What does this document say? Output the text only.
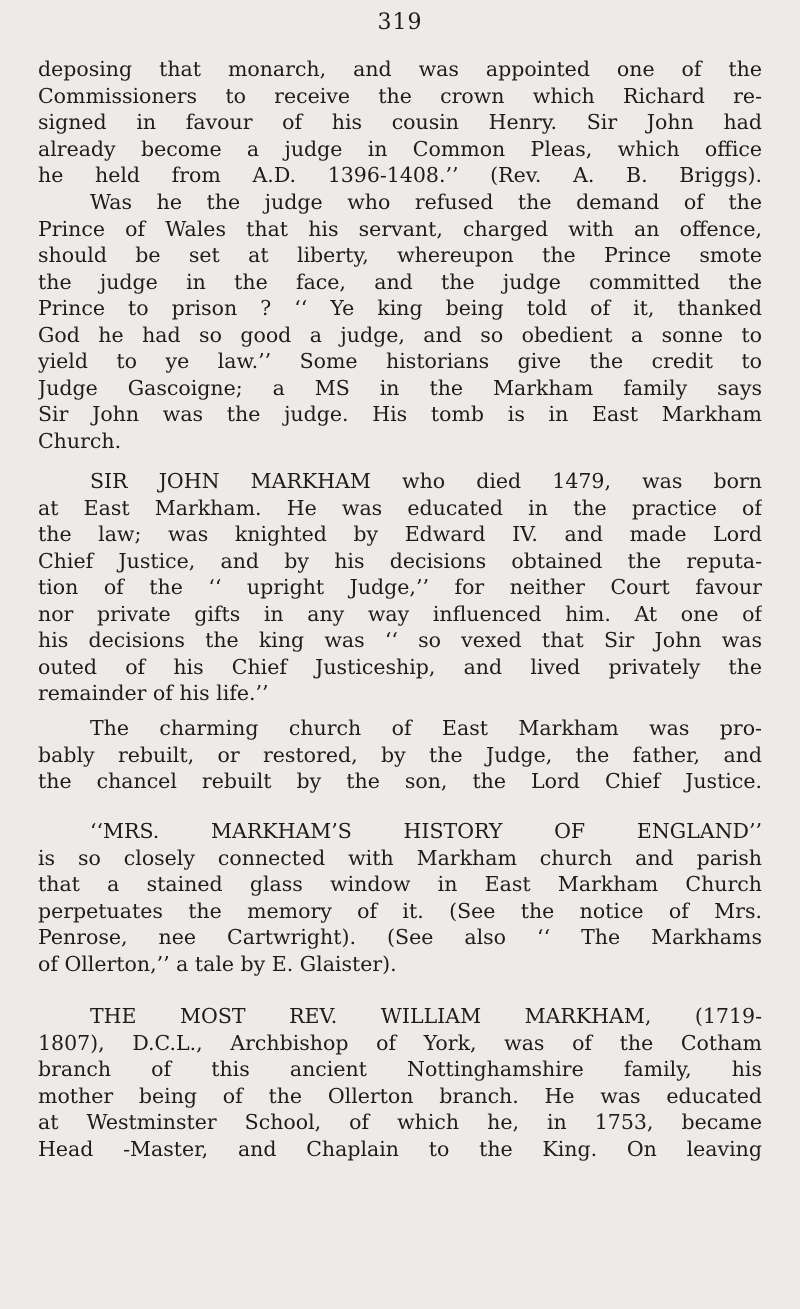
319
deposing that monarch, and was appointed one of the
Commissioners to receive the crown which Richard re-
signed in favour of his cousin Henry. Sir John had
already become a judge in Common Pleas, which office
he held from A.D. 1396-1408.’’ (Rev. A. B. Briggs).
Was he the judge who refused the demand of the
Prince of Wales that his servant, charged with an offence,
should be set at liberty, whereupon the Prince smote
the judge in the face, and the judge committed the
Prince to prison ? ‘‘ Ye king being told of it, thanked
God he had so good a judge, and so obedient a sonne to
yield to ye law.’’ Some historians give the credit to
Judge Gascoigne; a MS in the Markham family says
Sir John was the judge. His tomb is in East Markham
Church.
SIR JOHN MARKHAM who died 1479, was born
at East Markham. He was educated in the practice of
the law; was knighted by Edward IV. and made Lord
Chief Justice, and by his decisions obtained the reputa-
tion of the ‘‘ upright Judge,’’ for neither Court favour
nor private gifts in any way influenced him. At one of
his decisions the king was ‘‘ so vexed that Sir John was
outed of his Chief Justiceship, and lived privately the
remainder of his life.’’
The charming church of East Markham was pro-
bably rebuilt, or restored, by the Judge, the father, and
the chancel rebuilt by the son, the Lord Chief Justice.
‘‘MRS. MARKHAM’S HISTORY OF ENGLAND’’
is so closely connected with Markham church and parish
that a stained glass window in East Markham Church
perpetuates the memory of it. (See the notice of Mrs.
Penrose, nee Cartwright). (See also ‘‘ The Markhams
of Ollerton,’’ a tale by E. Glaister).
THE MOST REV. WILLIAM MARKHAM, (1719-
1807), D.C.L., Archbishop of York, was of the Cotham
branch of this ancient Nottinghamshire family, his
mother being of the Ollerton branch. He was educated
at Westminster School, of which he, in 1753, became
Head -Master, and Chaplain to the King. On leaving
